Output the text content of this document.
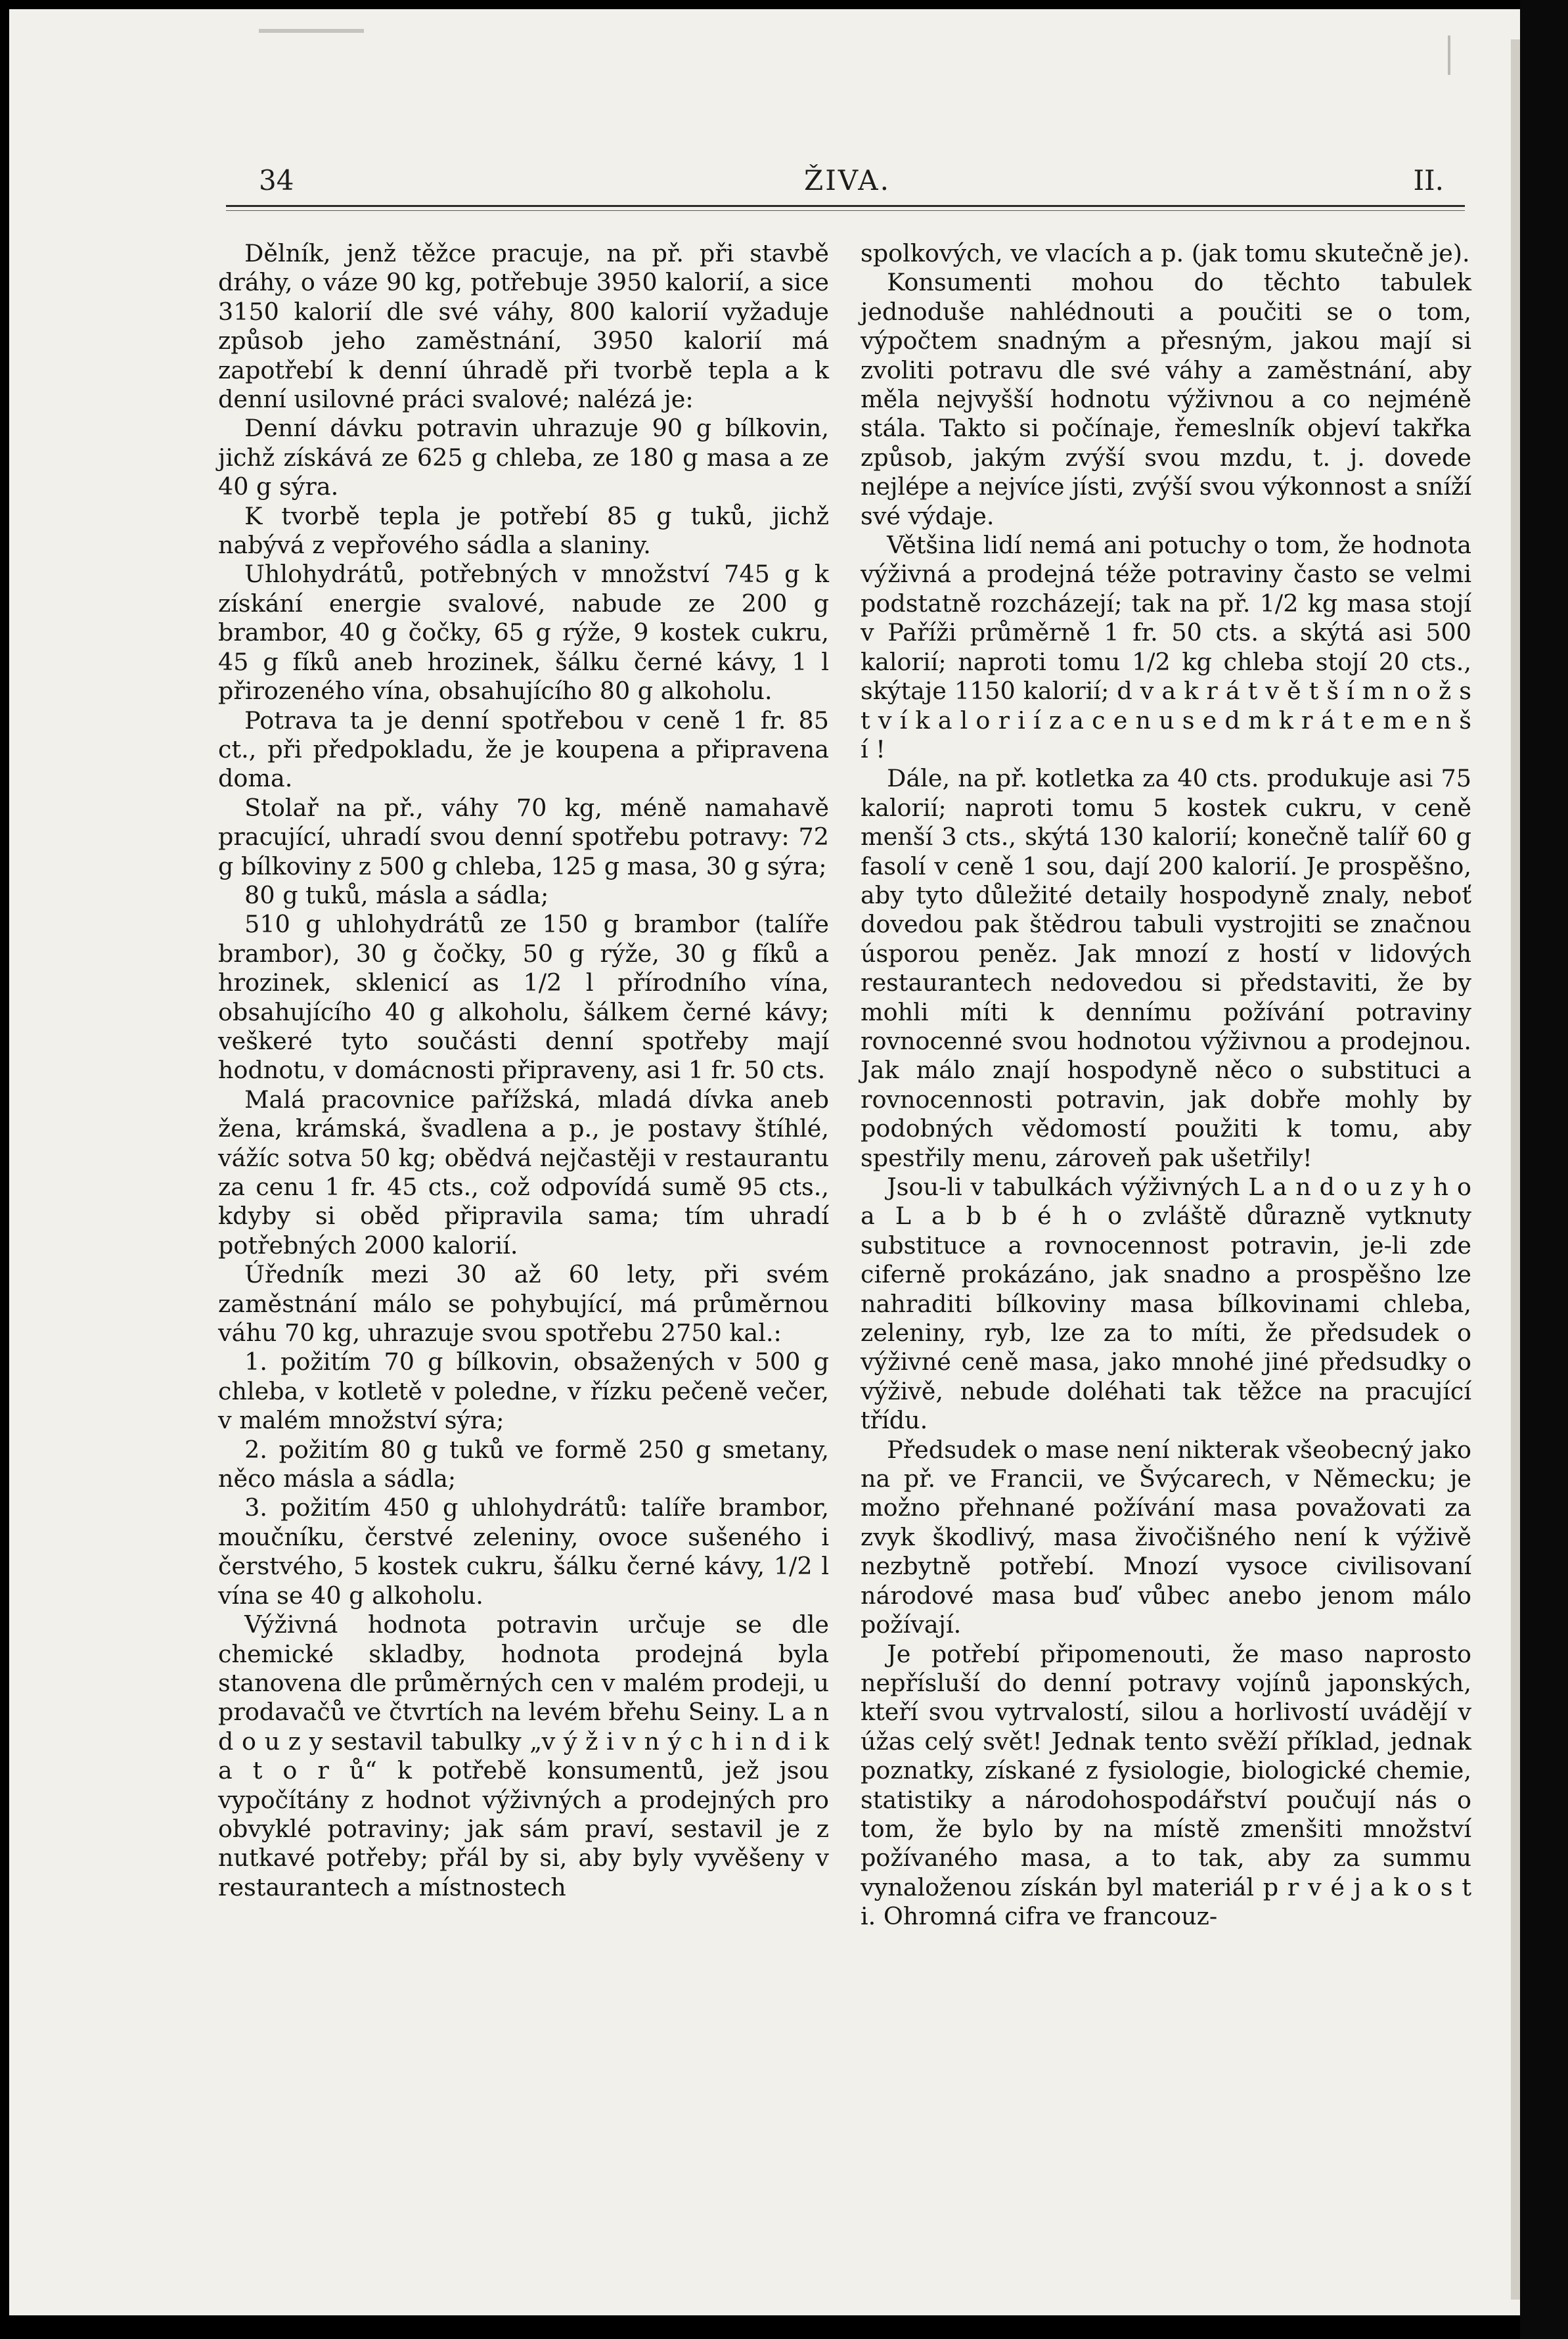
34	ŽIVA.	II.

Dělník, jenž těžce pracuje, na př. při stavbě dráhy, o váze 90 kg, potřebuje 3950 kalorií, a sice 3150 kalorií dle své váhy, 800 kalorií vyžaduje způsob jeho zaměstnání, 3950 kalorií má zapotřebí k denní úhradě při tvorbě tepla a k denní usilovné práci svalové; nalézá je:

Denní dávku potravin uhrazuje 90 g bílkovin, jichž získává ze 625 g chleba, ze 180 g masa a ze 40 g sýra.

K tvorbě tepla je potřebí 85 g tuků, jichž nabývá z vepřového sádla a slaniny.

Uhlohydrátů, potřebných v množství 745 g k získání energie svalové, nabude ze 200 g brambor, 40 g čočky, 65 g rýže, 9 kostek cukru, 45 g fíků aneb hrozinek, šálku černé kávy, 1 l přirozeného vína, obsahujícího 80 g alkoholu.

Potrava ta je denní spotřebou v ceně 1 fr. 85 ct., při předpokladu, že je koupena a připravena doma.

Stolař na př., váhy 70 kg, méně namahavě pracující, uhradí svou denní spotřebu potravy: 72 g bílkoviny z 500 g chleba, 125 g masa, 30 g sýra;

80 g tuků, másla a sádla;

510 g uhlohydrátů ze 150 g brambor (talíře brambor), 30 g čočky, 50 g rýže, 30 g fíků a hrozinek, sklenicí as 1/2 l přírodního vína, obsahujícího 40 g alkoholu, šálkem černé kávy; veškeré tyto součásti denní spotřeby mají hodnotu, v domácnosti připraveny, asi 1 fr. 50 cts.

Malá pracovnice pařížská, mladá dívka aneb žena, krámská, švadlena a p., je postavy štíhlé, vážíc sotva 50 kg; obědvá nejčastěji v restaurantu za cenu 1 fr. 45 cts., což odpovídá sumě 95 cts., kdyby si oběd připravila sama; tím uhradí potřebných 2000 kalorií.

Úředník mezi 30 až 60 lety, při svém zaměstnání málo se pohybující, má průměrnou váhu 70 kg, uhrazuje svou spotřebu 2750 kal.:

1. požitím 70 g bílkovin, obsažených v 500 g chleba, v kotletě v poledne, v řízku pečeně večer, v malém množství sýra;

2. požitím 80 g tuků ve formě 250 g smetany, něco másla a sádla;

3. požitím 450 g uhlohydrátů: talíře brambor, moučníku, čerstvé zeleniny, ovoce sušeného i čerstvého, 5 kostek cukru, šálku černé kávy, 1/2 l vína se 40 g alkoholu.

Výživná hodnota potravin určuje se dle chemické skladby, hodnota prodejná byla stanovena dle průměrných cen v malém prodeji, u prodavačů ve čtvrtích na levém břehu Seiny. L a n d o u z y sestavil tabulky „v ý ž i v n ý c h i n d i k a t o r ů“ k potřebě konsumentů, jež jsou vypočítány z hodnot výživných a prodejných pro obvyklé potraviny; jak sám praví, sestavil je z nutkavé potřeby; přál by si, aby byly vyvěšeny v restaurantech a místnostech

spolkových, ve vlacích a p. (jak tomu skutečně je).

Konsumenti mohou do těchto tabulek jednoduše nahlédnouti a poučiti se o tom, výpočtem snadným a přesným, jakou mají si zvoliti potravu dle své váhy a zaměstnání, aby měla nejvyšší hodnotu výživnou a co nejméně stála. Takto si počínaje, řemeslník objeví takřka způsob, jakým zvýší svou mzdu, t. j. dovede nejlépe a nejvíce jísti, zvýší svou výkonnost a sníží své výdaje.

Většina lidí nemá ani potuchy o tom, že hodnota výživná a prodejná téže potraviny často se velmi podstatně rozcházejí; tak na př. 1/2 kg masa stojí v Paříži průměrně 1 fr. 50 cts. a skýtá asi 500 kalorií; naproti tomu 1/2 kg chleba stojí 20 cts., skýtaje 1150 kalorií; d v a k r á t v ě t š í m n o ž s t v í k a l o r i í z a c e n u s e d m k r á t e m e n š í !

Dále, na př. kotletka za 40 cts. produkuje asi 75 kalorií; naproti tomu 5 kostek cukru, v ceně menší 3 cts., skýtá 130 kalorií; konečně talíř 60 g fasolí v ceně 1 sou, dají 200 kalorií. Je prospěšno, aby tyto důležité detaily hospodyně znaly, neboť dovedou pak štědrou tabuli vystrojiti se značnou úsporou peněz. Jak mnozí z hostí v lidových restaurantech nedovedou si představiti, že by mohli míti k dennímu požívání potraviny rovnocenné svou hodnotou výživnou a prodejnou. Jak málo znají hospodyně něco o substituci a rovnocennosti potravin, jak dobře mohly by podobných vědomostí použiti k tomu, aby spestřily menu, zároveň pak ušetřily!

Jsou-li v tabulkách výživných L a n d o u z y h o a L a b b é h o zvláště důrazně vytknuty substituce a rovnocennost potravin, je-li zde ciferně prokázáno, jak snadno a prospěšno lze nahraditi bílkoviny masa bílkovinami chleba, zeleniny, ryb, lze za to míti, že předsudek o výživné ceně masa, jako mnohé jiné předsudky o výživě, nebude doléhati tak těžce na pracující třídu.

Předsudek o mase není nikterak všeobecný jako na př. ve Francii, ve Švýcarech, v Německu; je možno přehnané požívání masa považovati za zvyk škodlivý, masa živočišného není k výživě nezbytně potřebí. Mnozí vysoce civilisovaní národové masa buď vůbec anebo jenom málo požívají.

Je potřebí připomenouti, že maso naprosto nepřísluší do denní potravy vojínů japonských, kteří svou vytrvalostí, silou a horlivostí uvádějí v úžas celý svět! Jednak tento svěží příklad, jednak poznatky, získané z fysiologie, biologické chemie, statistiky a národohospodářství poučují nás o tom, že bylo by na místě zmenšiti množství požívaného masa, a to tak, aby za summu vynaloženou získán byl materiál p r v é j a k o s t i. Ohromná cifra ve francouz-
